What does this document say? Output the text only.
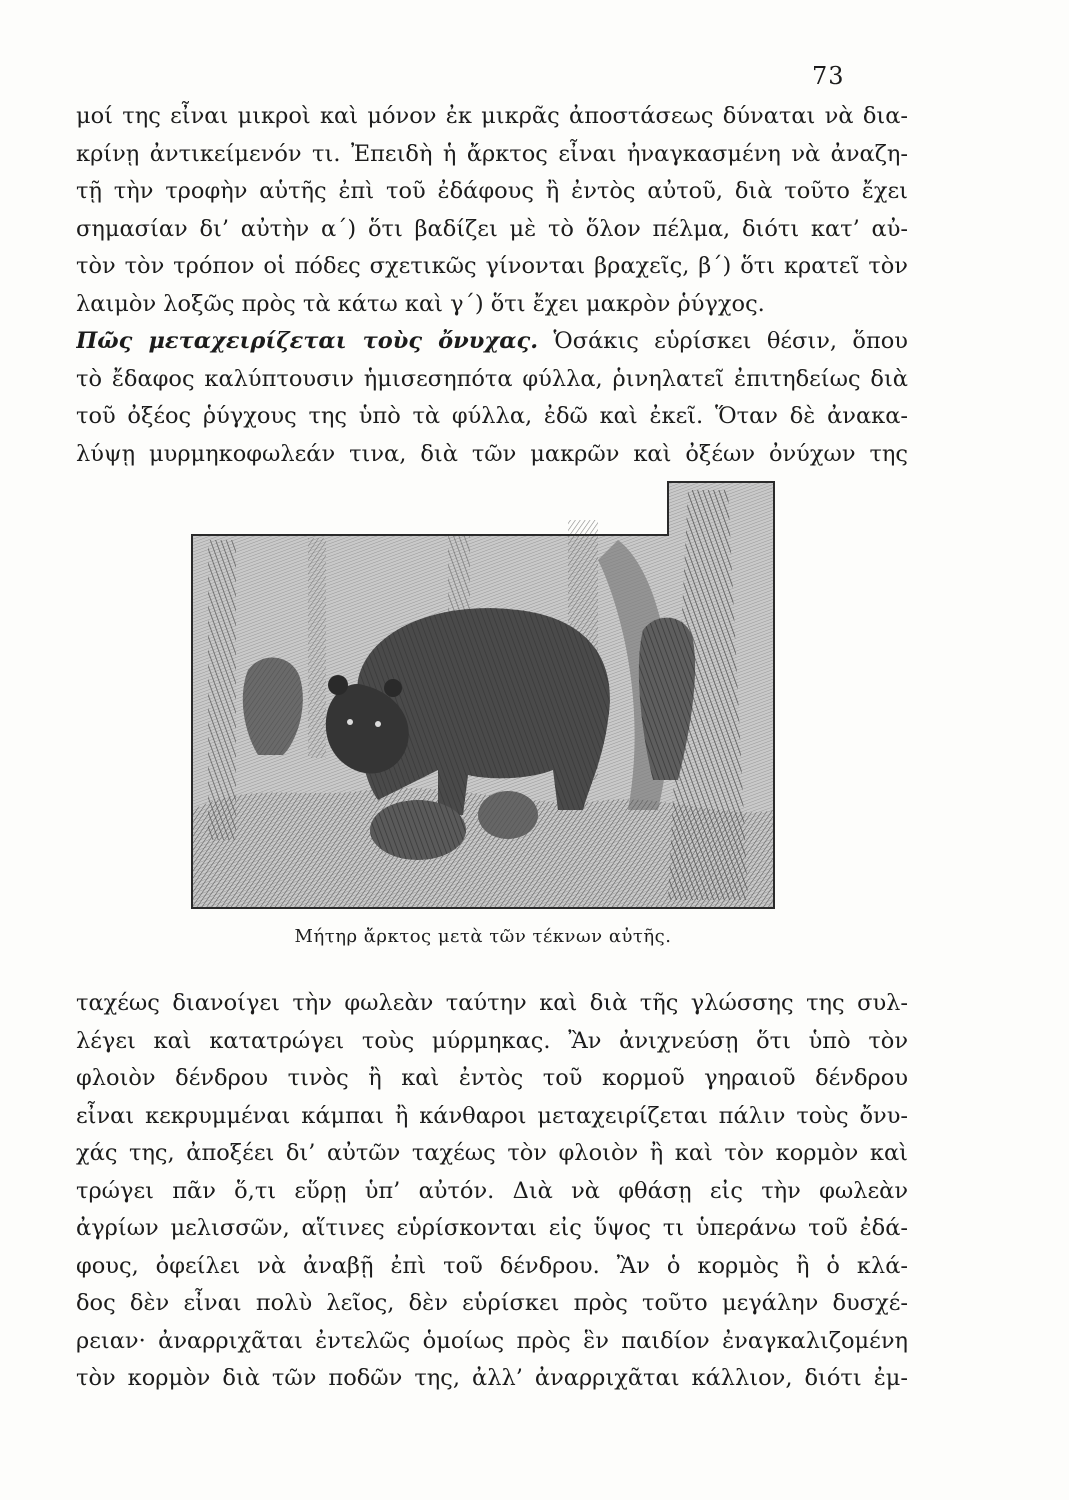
73
μοί της εἶναι μικροὶ καὶ μόνον ἐκ μικρᾶς ἀποστάσεως δύναται νὰ δια-
κρίνῃ ἀντικείμενόν τι. Ἐπειδὴ ἡ ἄρκτος εἶναι ἠναγκασμένη νὰ ἀναζη-
τῇ τὴν τροφὴν αὑτῆς ἐπὶ τοῦ ἐδάφους ἢ ἐντὸς αὐτοῦ, διὰ τοῦτο ἔχει
σημασίαν δι’ αὐτὴν α΄) ὅτι βαδίζει μὲ τὸ ὅλον πέλμα, διότι κατ’ αὐ-
τὸν τὸν τρόπον οἱ πόδες σχετικῶς γίνονται βραχεῖς, β΄) ὅτι κρατεῖ τὸν
λαιμὸν λοξῶς πρὸς τὰ κάτω καὶ γ΄) ὅτι ἔχει μακρὸν ῥύγχος.
Πῶς μεταχειρίζεται τοὺς ὄνυχας. Ὁσάκις εὑρίσκει θέσιν, ὅπου
τὸ ἔδαφος καλύπτουσιν ἡμισεσηπότα φύλλα, ῥινηλατεῖ ἐπιτηδείως διὰ
τοῦ ὀξέος ῥύγχους της ὑπὸ τὰ φύλλα, ἐδῶ καὶ ἐκεῖ. Ὅταν δὲ ἀνακα-
λύψῃ μυρμηκοφωλεάν τινα, διὰ τῶν μακρῶν καὶ ὀξέων ὀνύχων της
Μήτηρ ἄρκτος μετὰ τῶν τέκνων αὐτῆς.
ταχέως διανοίγει τὴν φωλεὰν ταύτην καὶ διὰ τῆς γλώσσης της συλ-
λέγει καὶ κατατρώγει τοὺς μύρμηκας. Ἂν ἀνιχνεύσῃ ὅτι ὑπὸ τὸν
φλοιὸν δένδρου τινὸς ἢ καὶ ἐντὸς τοῦ κορμοῦ γηραιοῦ δένδρου
εἶναι κεκρυμμέναι κάμπαι ἢ κάνθαροι μεταχειρίζεται πάλιν τοὺς ὄνυ-
χάς της, ἀποξέει δι’ αὐτῶν ταχέως τὸν φλοιὸν ἢ καὶ τὸν κορμὸν καὶ
τρώγει πᾶν ὅ,τι εὕρῃ ὑπ’ αὐτόν. Διὰ νὰ φθάσῃ εἰς τὴν φωλεὰν
ἀγρίων μελισσῶν, αἵτινες εὑρίσκονται εἰς ὕψος τι ὑπεράνω τοῦ ἐδά-
φους, ὀφείλει νὰ ἀναβῇ ἐπὶ τοῦ δένδρου. Ἂν ὁ κορμὸς ἢ ὁ κλά-
δος δὲν εἶναι πολὺ λεῖος, δὲν εὑρίσκει πρὸς τοῦτο μεγάλην δυσχέ-
ρειαν· ἀναρριχᾶται ἐντελῶς ὁμοίως πρὸς ἓν παιδίον ἐναγκαλιζομένη
τὸν κορμὸν διὰ τῶν ποδῶν της, ἀλλ’ ἀναρριχᾶται κάλλιον, διότι ἐμ-
